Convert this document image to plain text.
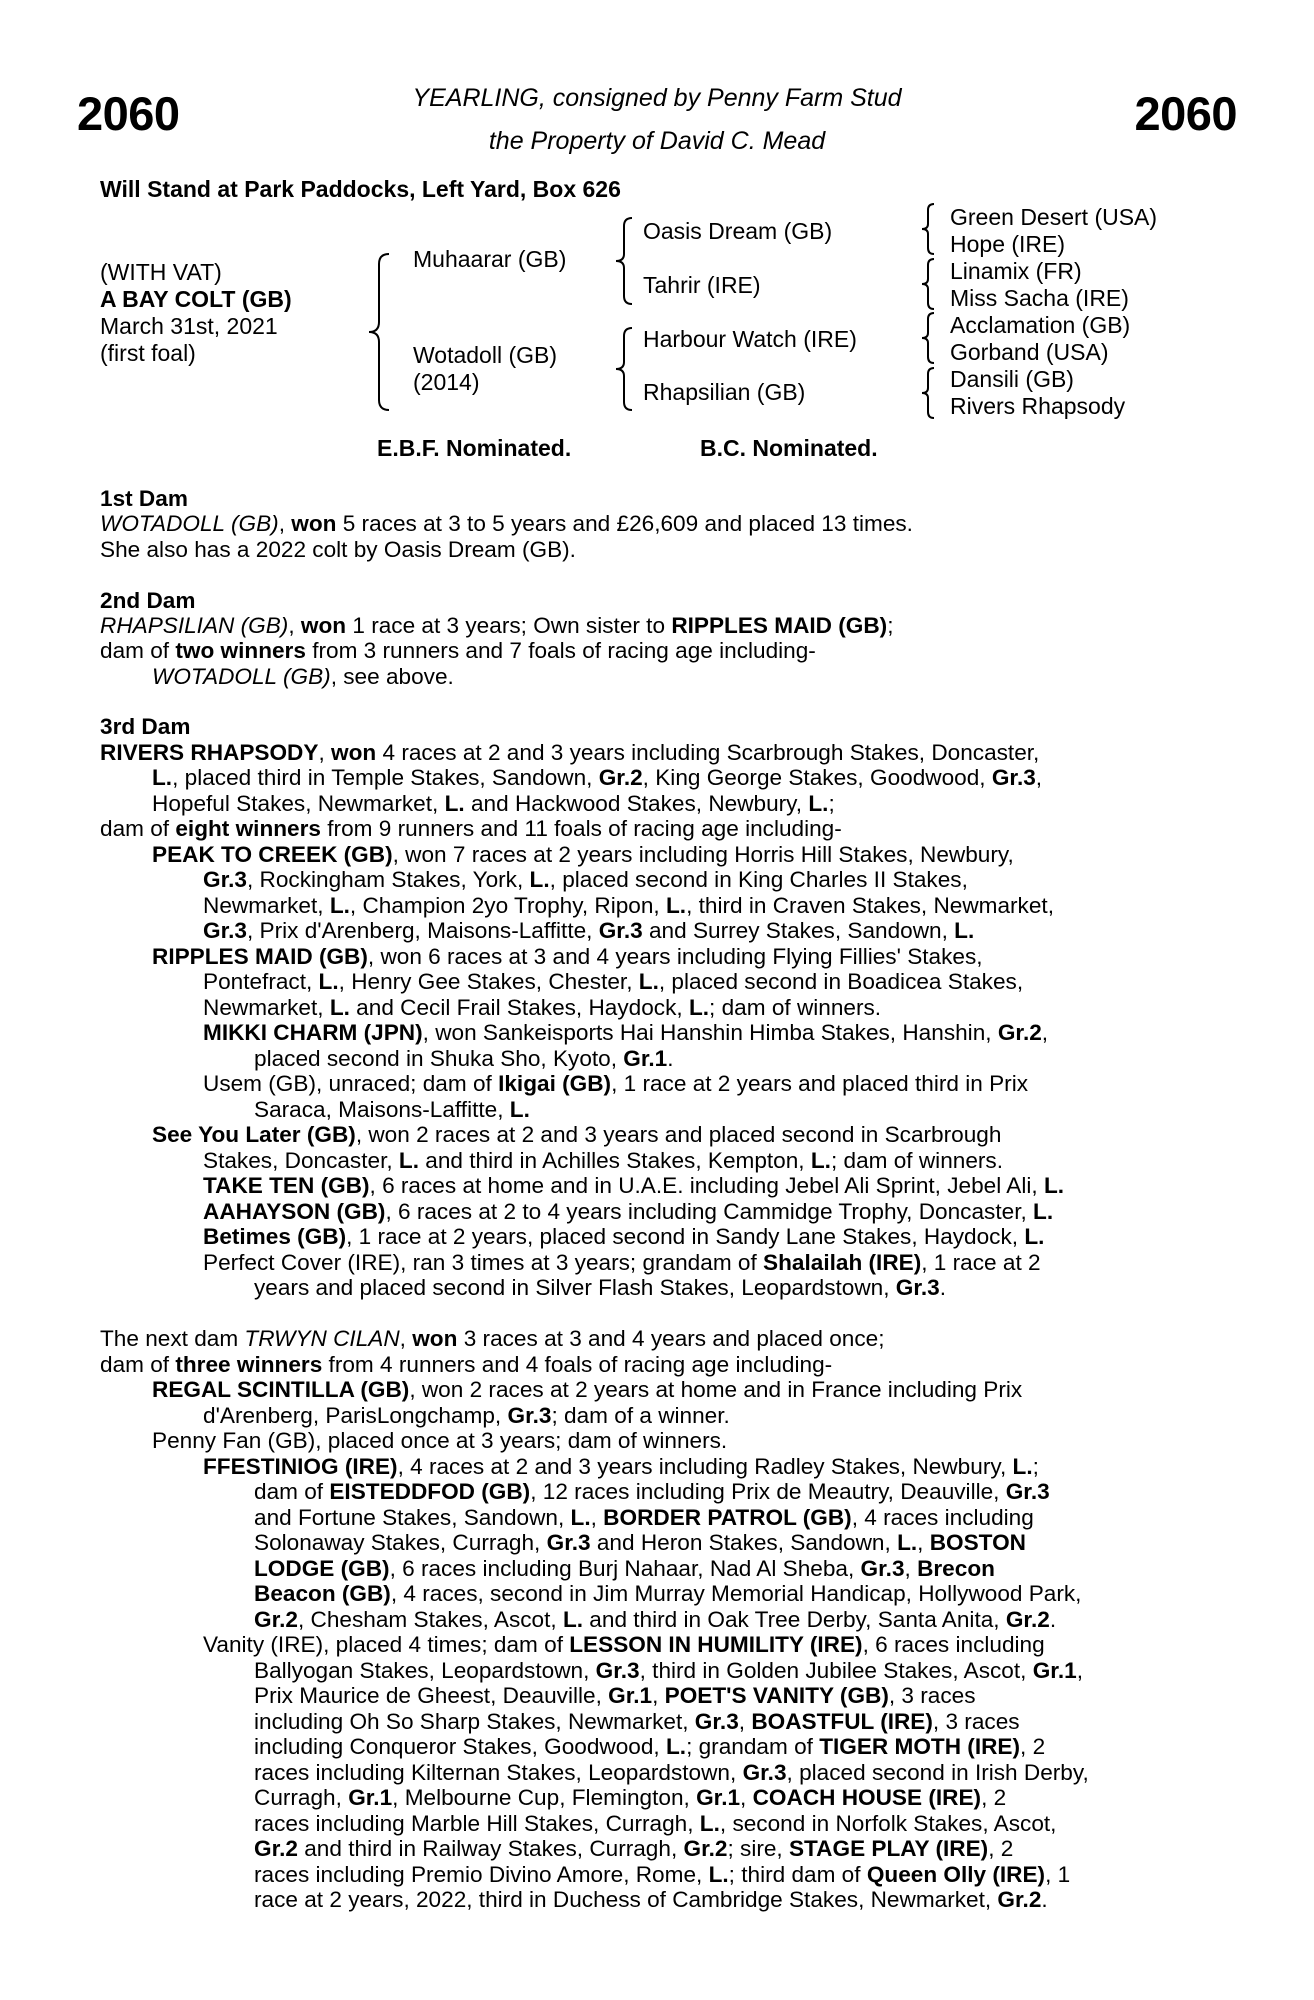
2060	2060
YEARLING, consigned by Penny Farm Stud
the Property of David C. Mead
Will Stand at Park Paddocks, Left Yard, Box 626
(WITH VAT)
A BAY COLT (GB)
March 31st, 2021
(first foal)
Muhaarar (GB)
Wotadoll (GB)
(2014)
Oasis Dream (GB)
Tahrir (IRE)
Harbour Watch (IRE)
Rhapsilian (GB)
Green Desert (USA)
Hope (IRE)
Linamix (FR)
Miss Sacha (IRE)
Acclamation (GB)
Gorband (USA)
Dansili (GB)
Rivers Rhapsody
E.B.F. Nominated.	B.C. Nominated.
1st Dam
WOTADOLL (GB), won 5 races at 3 to 5 years and £26,609 and placed 13 times.
She also has a 2022 colt by Oasis Dream (GB).
2nd Dam
RHAPSILIAN (GB), won 1 race at 3 years; Own sister to RIPPLES MAID (GB);
dam of two winners from 3 runners and 7 foals of racing age including-
WOTADOLL (GB), see above.
3rd Dam
RIVERS RHAPSODY, won 4 races at 2 and 3 years including Scarbrough Stakes, Doncaster,
L., placed third in Temple Stakes, Sandown, Gr.2, King George Stakes, Goodwood, Gr.3,
Hopeful Stakes, Newmarket, L. and Hackwood Stakes, Newbury, L.;
dam of eight winners from 9 runners and 11 foals of racing age including-
PEAK TO CREEK (GB), won 7 races at 2 years including Horris Hill Stakes, Newbury,
Gr.3, Rockingham Stakes, York, L., placed second in King Charles II Stakes,
Newmarket, L., Champion 2yo Trophy, Ripon, L., third in Craven Stakes, Newmarket,
Gr.3, Prix d'Arenberg, Maisons-Laffitte, Gr.3 and Surrey Stakes, Sandown, L.
RIPPLES MAID (GB), won 6 races at 3 and 4 years including Flying Fillies' Stakes,
Pontefract, L., Henry Gee Stakes, Chester, L., placed second in Boadicea Stakes,
Newmarket, L. and Cecil Frail Stakes, Haydock, L.; dam of winners.
MIKKI CHARM (JPN), won Sankeisports Hai Hanshin Himba Stakes, Hanshin, Gr.2,
placed second in Shuka Sho, Kyoto, Gr.1.
Usem (GB), unraced; dam of Ikigai (GB), 1 race at 2 years and placed third in Prix
Saraca, Maisons-Laffitte, L.
See You Later (GB), won 2 races at 2 and 3 years and placed second in Scarbrough
Stakes, Doncaster, L. and third in Achilles Stakes, Kempton, L.; dam of winners.
TAKE TEN (GB), 6 races at home and in U.A.E. including Jebel Ali Sprint, Jebel Ali, L.
AAHAYSON (GB), 6 races at 2 to 4 years including Cammidge Trophy, Doncaster, L.
Betimes (GB), 1 race at 2 years, placed second in Sandy Lane Stakes, Haydock, L.
Perfect Cover (IRE), ran 3 times at 3 years; grandam of Shalailah (IRE), 1 race at 2
years and placed second in Silver Flash Stakes, Leopardstown, Gr.3.
The next dam TRWYN CILAN, won 3 races at 3 and 4 years and placed once;
dam of three winners from 4 runners and 4 foals of racing age including-
REGAL SCINTILLA (GB), won 2 races at 2 years at home and in France including Prix
d'Arenberg, ParisLongchamp, Gr.3; dam of a winner.
Penny Fan (GB), placed once at 3 years; dam of winners.
FFESTINIOG (IRE), 4 races at 2 and 3 years including Radley Stakes, Newbury, L.;
dam of EISTEDDFOD (GB), 12 races including Prix de Meautry, Deauville, Gr.3
and Fortune Stakes, Sandown, L., BORDER PATROL (GB), 4 races including
Solonaway Stakes, Curragh, Gr.3 and Heron Stakes, Sandown, L., BOSTON
LODGE (GB), 6 races including Burj Nahaar, Nad Al Sheba, Gr.3, Brecon
Beacon (GB), 4 races, second in Jim Murray Memorial Handicap, Hollywood Park,
Gr.2, Chesham Stakes, Ascot, L. and third in Oak Tree Derby, Santa Anita, Gr.2.
Vanity (IRE), placed 4 times; dam of LESSON IN HUMILITY (IRE), 6 races including
Ballyogan Stakes, Leopardstown, Gr.3, third in Golden Jubilee Stakes, Ascot, Gr.1,
Prix Maurice de Gheest, Deauville, Gr.1, POET'S VANITY (GB), 3 races
including Oh So Sharp Stakes, Newmarket, Gr.3, BOASTFUL (IRE), 3 races
including Conqueror Stakes, Goodwood, L.; grandam of TIGER MOTH (IRE), 2
races including Kilternan Stakes, Leopardstown, Gr.3, placed second in Irish Derby,
Curragh, Gr.1, Melbourne Cup, Flemington, Gr.1, COACH HOUSE (IRE), 2
races including Marble Hill Stakes, Curragh, L., second in Norfolk Stakes, Ascot,
Gr.2 and third in Railway Stakes, Curragh, Gr.2; sire, STAGE PLAY (IRE), 2
races including Premio Divino Amore, Rome, L.; third dam of Queen Olly (IRE), 1
race at 2 years, 2022, third in Duchess of Cambridge Stakes, Newmarket, Gr.2.
